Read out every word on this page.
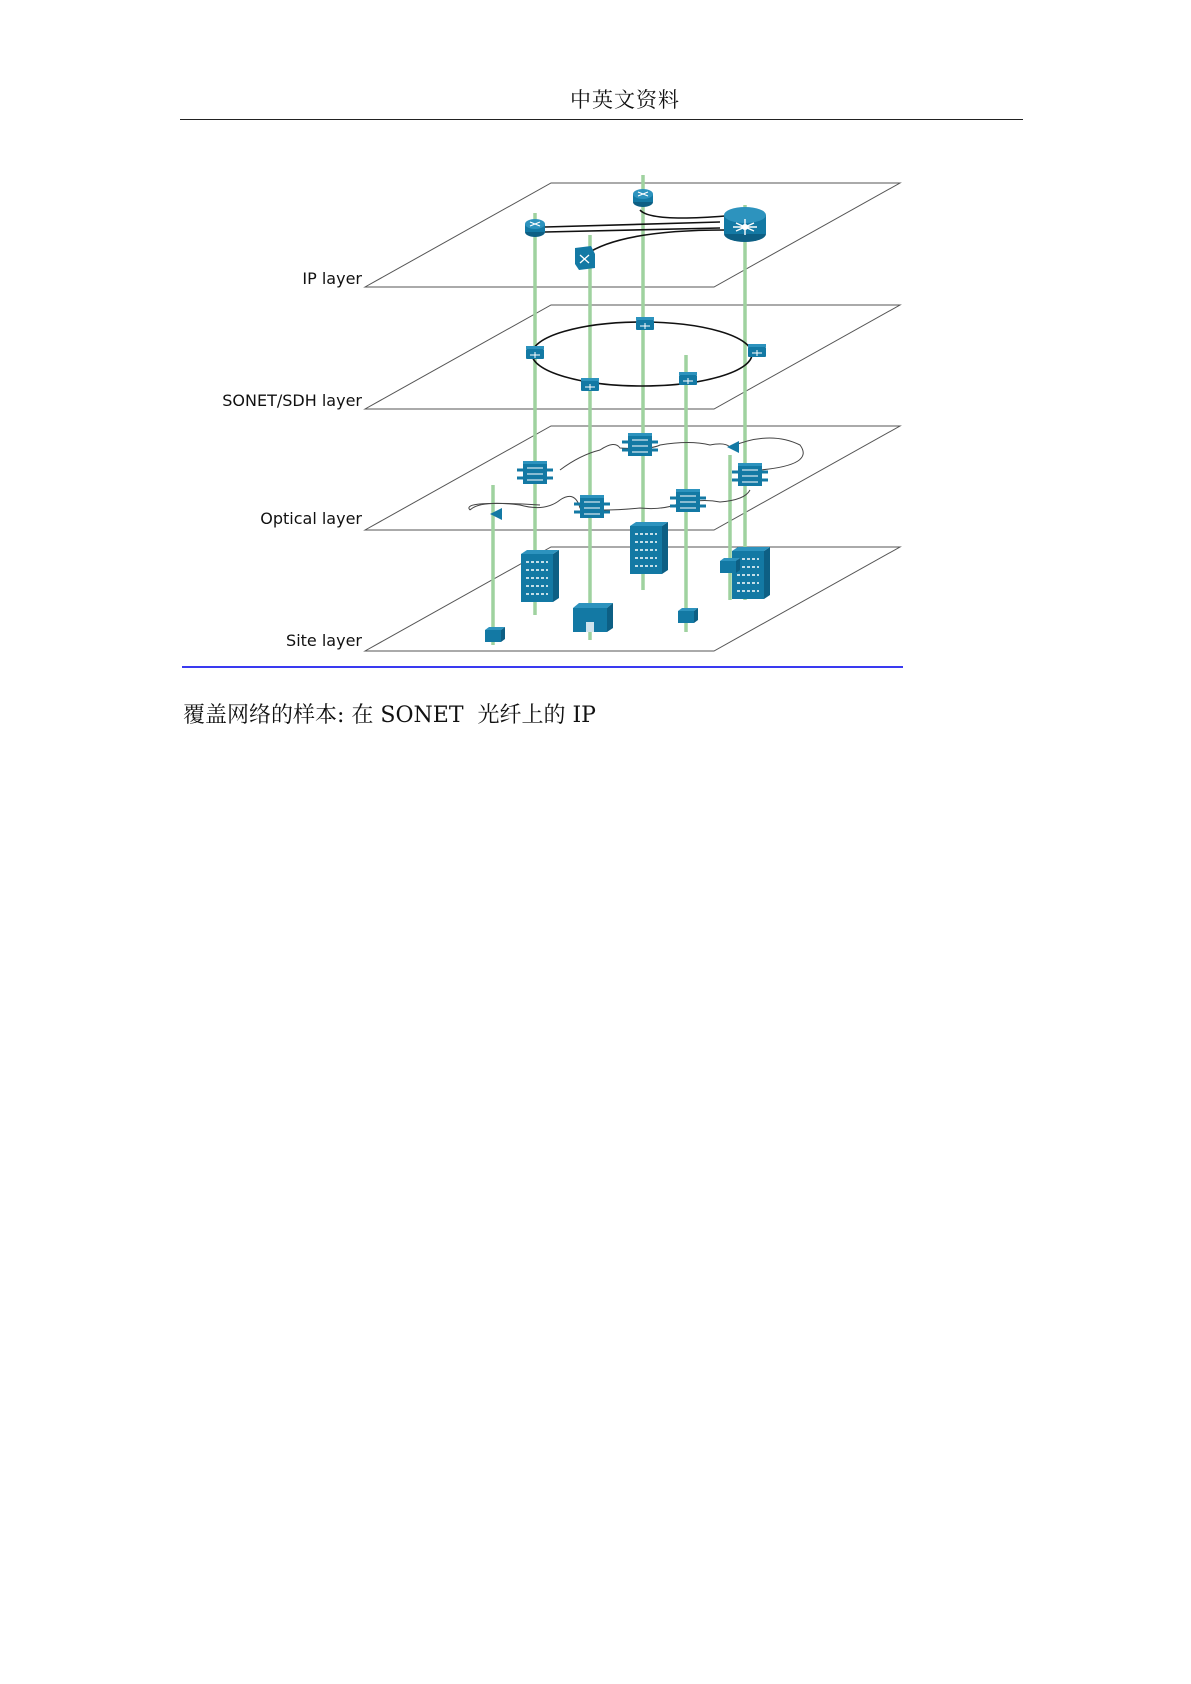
中英文资料
IP layer
SONET/SDH layer
Optical layer
Site layer
覆盖网络的样本: 在 SONET  光纤上的 IP
